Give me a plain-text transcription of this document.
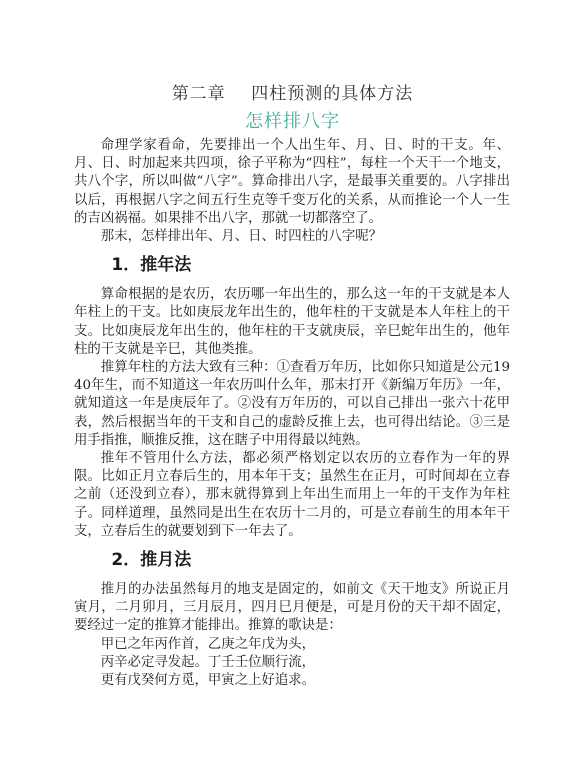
第二章    四柱预测的具体方法
怎样排八字

命理学家看命，先要排出一个人出生年、月、日、时的干支。年、月、日、时加起来共四项，徐子平称为“四柱”，每柱一个天干一个地支，共八个字，所以叫做“八字”。算命排出八字，是最事关重要的。八字排出以后，再根据八字之间五行生克等千变万化的关系，从而推论一个人一生的吉凶祸福。如果排不出八字，那就一切都落空了。

那末，怎样排出年、月、日、时四柱的八字呢？

1．推年法

算命根据的是农历，农历哪一年出生的，那么这一年的干支就是本人年柱上的干支。比如庚辰龙年出生的，他年柱的干支就是本人年柱上的干支。比如庚辰龙年出生的，他年柱的干支就庚辰，辛巳蛇年出生的，他年柱的干支就是辛巳，其他类推。

推算年柱的方法大致有三种：①查看万年历，比如你只知道是公元1940年生，而不知道这一年农历叫什么年，那末打开《新编万年历》一年，就知道这一年是庚辰年了。②没有万年历的，可以自己排出一张六十花甲表，然后根据当年的干支和自己的虚龄反推上去，也可得出结论。③三是用手指推，顺推反推，这在瞎子中用得最以纯熟。

推年不管用什么方法，都必须严格划定以农历的立春作为一年的界限。比如正月立春后生的，用本年干支；虽然生在正月，可时间却在立春之前（还没到立春），那末就得算到上年出生而用上一年的干支作为年柱子。同样道理，虽然同是出生在农历十二月的，可是立春前生的用本年干支，立春后生的就要划到下一年去了。

2．推月法

推月的办法虽然每月的地支是固定的，如前文《天干地支》所说正月寅月，二月卯月，三月辰月，四月巳月便是，可是月份的天干却不固定，要经过一定的推算才能排出。推算的歌诀是：

甲已之年丙作首，乙庚之年戊为头，

丙辛必定寻发起。丁壬壬位顺行流，

更有戊癸何方觅，甲寅之上好追求。
